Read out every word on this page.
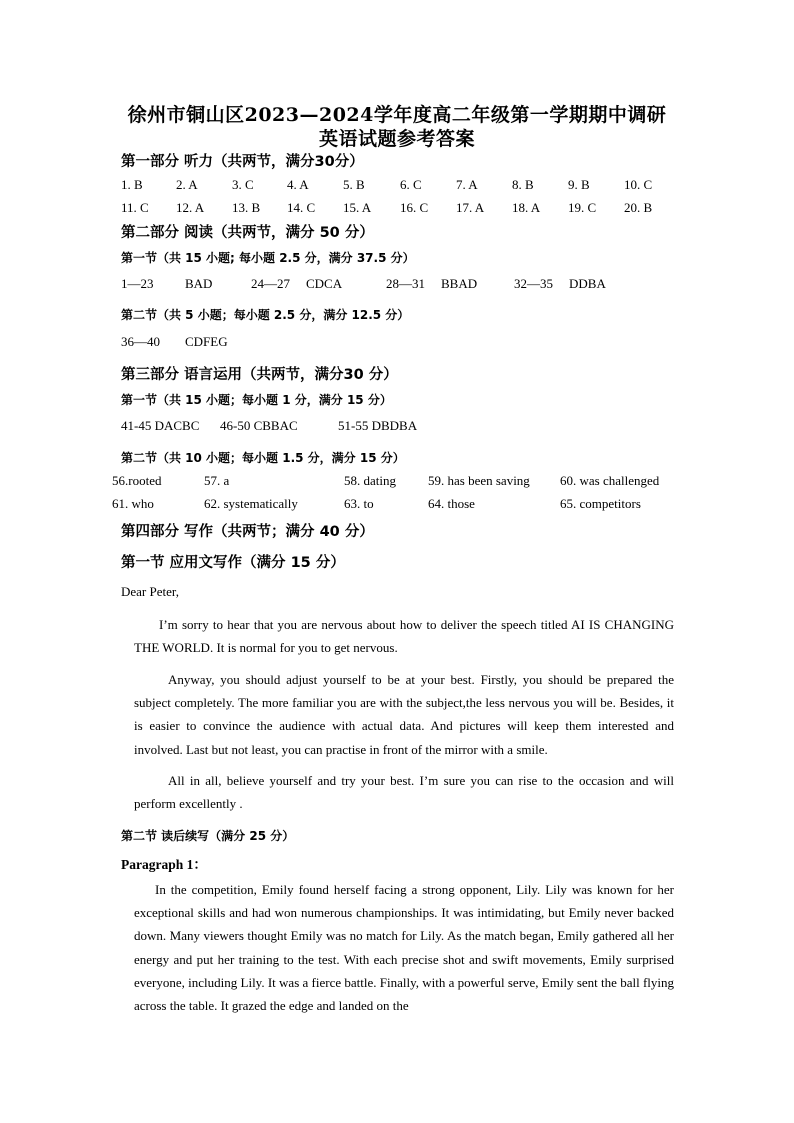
徐州市铜山区2023—2024学年度高二年级第一学期期中调研
英语试题参考答案
第一部分 听力（共两节，满分30分）
1. B	2. A	3. C	4. A	5. B	6. C	7. A	8. B	9. B	10. C
11. C 12. A 13. B 14. C 15. A 16. C 17. A 18. A 19. C 20. B
第二部分 阅读（共两节，满分 50 分）
第一节（共 15 小题; 每小题 2.5 分，满分 37.5 分）
1—23 BAD	24—27 CDCA	28—31 BBAD	32—35 DDBA
第二节（共 5 小题；每小题 2.5 分，满分 12.5 分）
36—40 CDFEG
第三部分 语言运用（共两节，满分30 分）
第一节（共 15 小题；每小题 1 分，满分 15 分）
41-45 DACBC 46-50 CBBAC	51-55 DBDBA
第二节（共 10 小题；每小题 1.5 分，满分 15 分）
56.rooted	57. a	58. dating 59. has been saving 60. was challenged
61. who	62. systematically	63. to	64. those	65. competitors
第四部分 写作（共两节；满分 40 分）
第一节 应用文写作（满分 15 分）
Dear Peter,

I’m sorry to hear that you are nervous about how to deliver the speech titled AI IS CHANGING THE WORLD. It is normal for you to get nervous.

Anyway, you should adjust yourself to be at your best. Firstly, you should be prepared the subject completely. The more familiar you are with the subject,the less nervous you will be. Besides, it is easier to convince the audience with actual data. And pictures will keep them interested and involved. Last but not least, you can practise in front of the mirror with a smile.

All in all, believe yourself and try your best. I’m sure you can rise to the occasion and will perform excellently .

第二节 读后续写（满分 25 分）
Paragraph 1：

In the competition, Emily found herself facing a strong opponent, Lily. Lily was known for her exceptional skills and had won numerous championships. It was intimidating, but Emily never backed down. Many viewers thought Emily was no match for Lily. As the match began, Emily gathered all her energy and put her training to the test. With each precise shot and swift movements, Emily surprised everyone, including Lily. It was a fierce battle. Finally, with a powerful serve, Emily sent the ball flying across the table. It grazed the edge and landed on the
